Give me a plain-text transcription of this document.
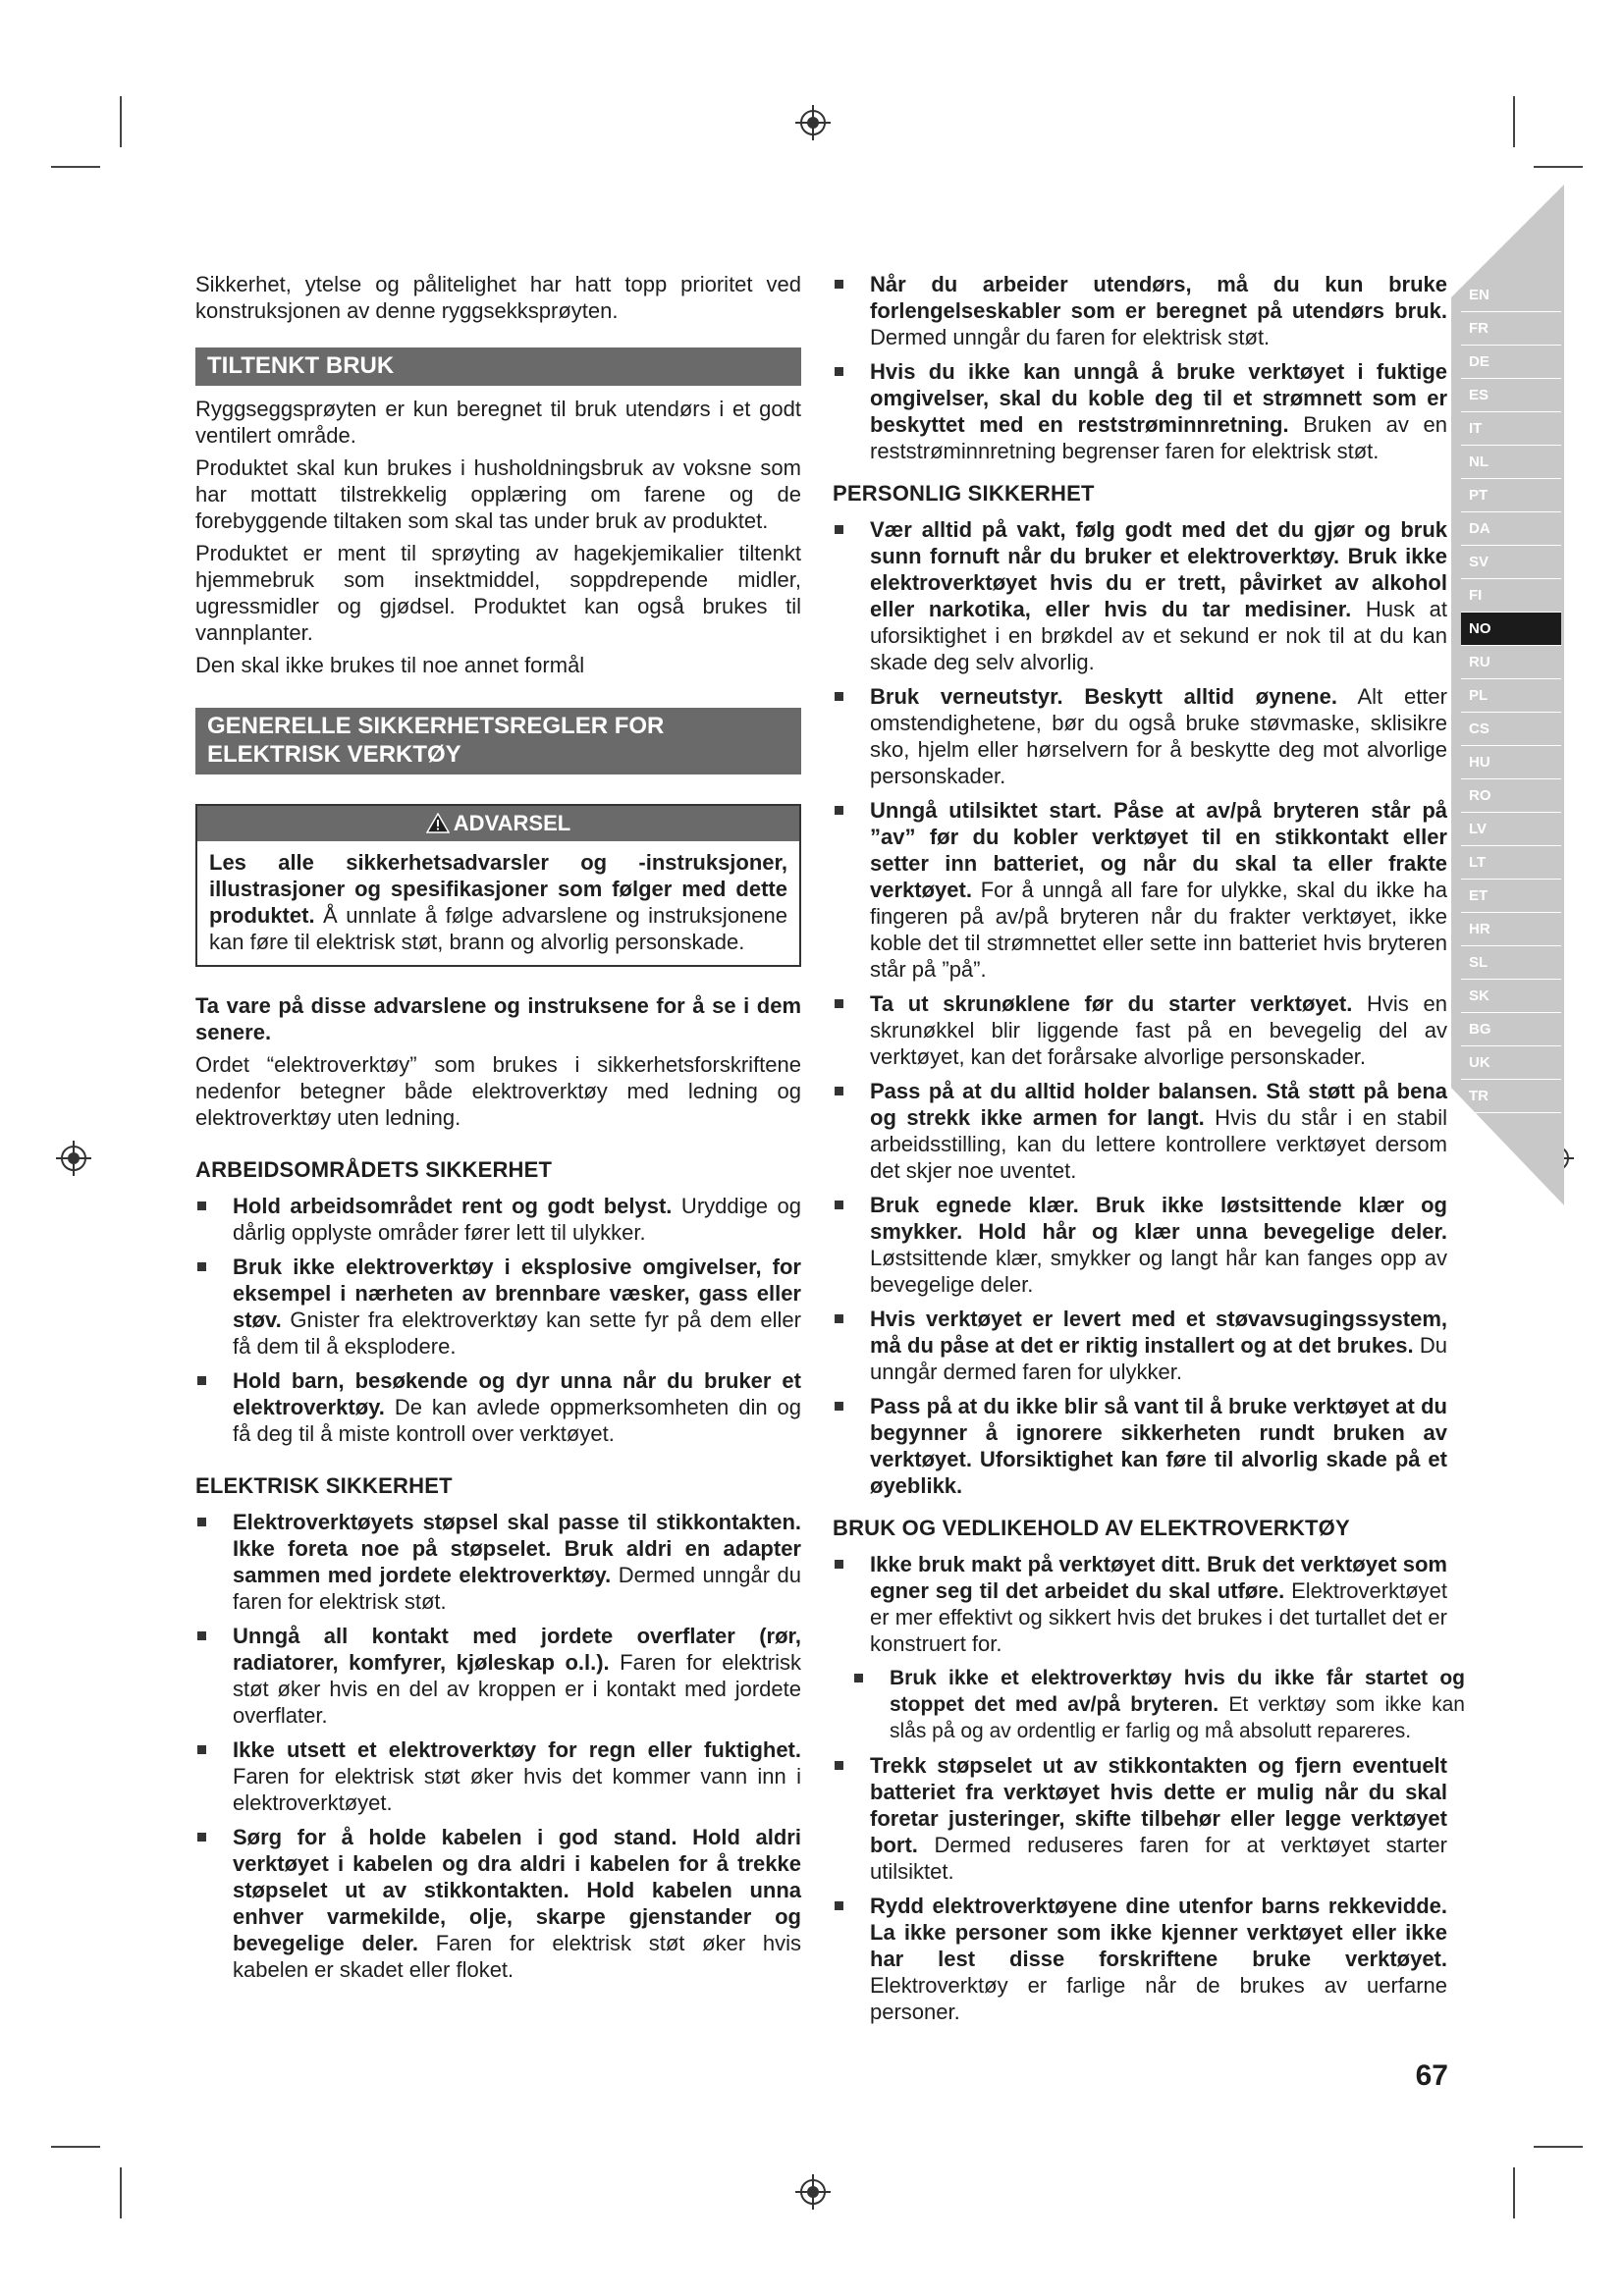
EN
FR
DE
ES
IT
NL
PT
DA
SV
FI
NO
RU
PL
CS
HU
RO
LV
LT
ET
HR
SL
SK
BG
UK
TR

Sikkerhet, ytelse og pålitelighet har hatt topp prioritet ved konstruksjonen av denne ryggsekksprøyten.

TILTENKT BRUK

Ryggseggsprøyten er kun beregnet til bruk utendørs i et godt ventilert område.

Produktet skal kun brukes i husholdningsbruk av voksne som har mottatt tilstrekkelig opplæring om farene og de forebyggende tiltaken som skal tas under bruk av produktet.

Produktet er ment til sprøyting av hagekjemikalier tiltenkt hjemmebruk som insektmiddel, soppdrepende midler, ugressmidler og gjødsel. Produktet kan også brukes til vannplanter.

Den skal ikke brukes til noe annet formål

GENERELLE SIKKERHETSREGLER FOR
ELEKTRISK VERKTØY
ADVARSEL
Les alle sikkerhetsadvarsler og -instruksjoner, illustrasjoner og spesifikasjoner som følger med dette produktet. Å unnlate å følge advarslene og instruksjonene kan føre til elektrisk støt, brann og alvorlig personskade.

Ta vare på disse advarslene og instruksene for å se i dem senere.

Ordet “elektroverktøy” som brukes i sikkerhetsforskriftene nedenfor betegner både elektroverktøy med ledning og elektroverktøy uten ledning.

ARBEIDSOMRÅDETS SIKKERHET
Hold arbeidsområdet rent og godt belyst. Uryddige og dårlig opplyste områder fører lett til ulykker.
Bruk ikke elektroverktøy i eksplosive omgivelser, for eksempel i nærheten av brennbare væsker, gass eller støv. Gnister fra elektroverktøy kan sette fyr på dem eller få dem til å eksplodere.
Hold barn, besøkende og dyr unna når du bruker et elektroverktøy. De kan avlede oppmerksomheten din og få deg til å miste kontroll over verktøyet.
ELEKTRISK SIKKERHET
Elektroverktøyets støpsel skal passe til stikkontakten. Ikke foreta noe på støpselet. Bruk aldri en adapter sammen med jordete elektroverktøy. Dermed unngår du faren for elektrisk støt.
Unngå all kontakt med jordete overflater (rør, radiatorer, komfyrer, kjøleskap o.l.). Faren for elektrisk støt øker hvis en del av kroppen er i kontakt med jordete overflater.
Ikke utsett et elektroverktøy for regn eller fuktighet. Faren for elektrisk støt øker hvis det kommer vann inn i elektroverktøyet.
Sørg for å holde kabelen i god stand. Hold aldri verktøyet i kabelen og dra aldri i kabelen for å trekke støpselet ut av stikkontakten. Hold kabelen unna enhver varmekilde, olje, skarpe gjenstander og bevegelige deler. Faren for elektrisk støt øker hvis kabelen er skadet eller floket.
Når du arbeider utendørs, må du kun bruke forlengelseskabler som er beregnet på utendørs bruk. Dermed unngår du faren for elektrisk støt.
Hvis du ikke kan unngå å bruke verktøyet i fuktige omgivelser, skal du koble deg til et strømnett som er beskyttet med en reststrøminnretning. Bruken av en reststrøminnretning begrenser faren for elektrisk støt.
PERSONLIG SIKKERHET
Vær alltid på vakt, følg godt med det du gjør og bruk sunn fornuft når du bruker et elektroverktøy. Bruk ikke elektroverktøyet hvis du er trett, påvirket av alkohol eller narkotika, eller hvis du tar medisiner. Husk at uforsiktighet i en brøkdel av et sekund er nok til at du kan skade deg selv alvorlig.
Bruk verneutstyr. Beskytt alltid øynene. Alt etter omstendighetene, bør du også bruke støvmaske, sklisikre sko, hjelm eller hørselvern for å beskytte deg mot alvorlige personskader.
Unngå utilsiktet start. Påse at av/på bryteren står på ”av” før du kobler verktøyet til en stikkontakt eller setter inn batteriet, og når du skal ta eller frakte verktøyet. For å unngå all fare for ulykke, skal du ikke ha fingeren på av/på bryteren når du frakter verktøyet, ikke koble det til strømnettet eller sette inn batteriet hvis bryteren står på ”på”.
Ta ut skrunøklene før du starter verktøyet. Hvis en skrunøkkel blir liggende fast på en bevegelig del av verktøyet, kan det forårsake alvorlige personskader.
Pass på at du alltid holder balansen. Stå støtt på bena og strekk ikke armen for langt. Hvis du står i en stabil arbeidsstilling, kan du lettere kontrollere verktøyet dersom det skjer noe uventet.
Bruk egnede klær. Bruk ikke løstsittende klær og smykker. Hold hår og klær unna bevegelige deler. Løstsittende klær, smykker og langt hår kan fanges opp av bevegelige deler.
Hvis verktøyet er levert med et støvavsugingssystem, må du påse at det er riktig installert og at det brukes. Du unngår dermed faren for ulykker.
Pass på at du ikke blir så vant til å bruke verktøyet at du begynner å ignorere sikkerheten rundt bruken av verktøyet. Uforsiktighet kan føre til alvorlig skade på et øyeblikk.
BRUK OG VEDLIKEHOLD AV ELEKTROVERKTØY
Ikke bruk makt på verktøyet ditt. Bruk det verktøyet som egner seg til det arbeidet du skal utføre. Elektroverktøyet er mer effektivt og sikkert hvis det brukes i det turtallet det er konstruert for.
Bruk ikke et elektroverktøy hvis du ikke får startet og stoppet det med av/på bryteren. Et verktøy som ikke kan slås på og av ordentlig er farlig og må absolutt repareres.
Trekk støpselet ut av stikkontakten og fjern eventuelt batteriet fra verktøyet hvis dette er mulig når du skal foretar justeringer, skifte tilbehør eller legge verktøyet bort. Dermed reduseres faren for at verktøyet starter utilsiktet.
Rydd elektroverktøyene dine utenfor barns rekkevidde. La ikke personer som ikke kjenner verktøyet eller ikke har lest disse forskriftene bruke verktøyet. Elektroverktøy er farlige når de brukes av uerfarne personer.
67
